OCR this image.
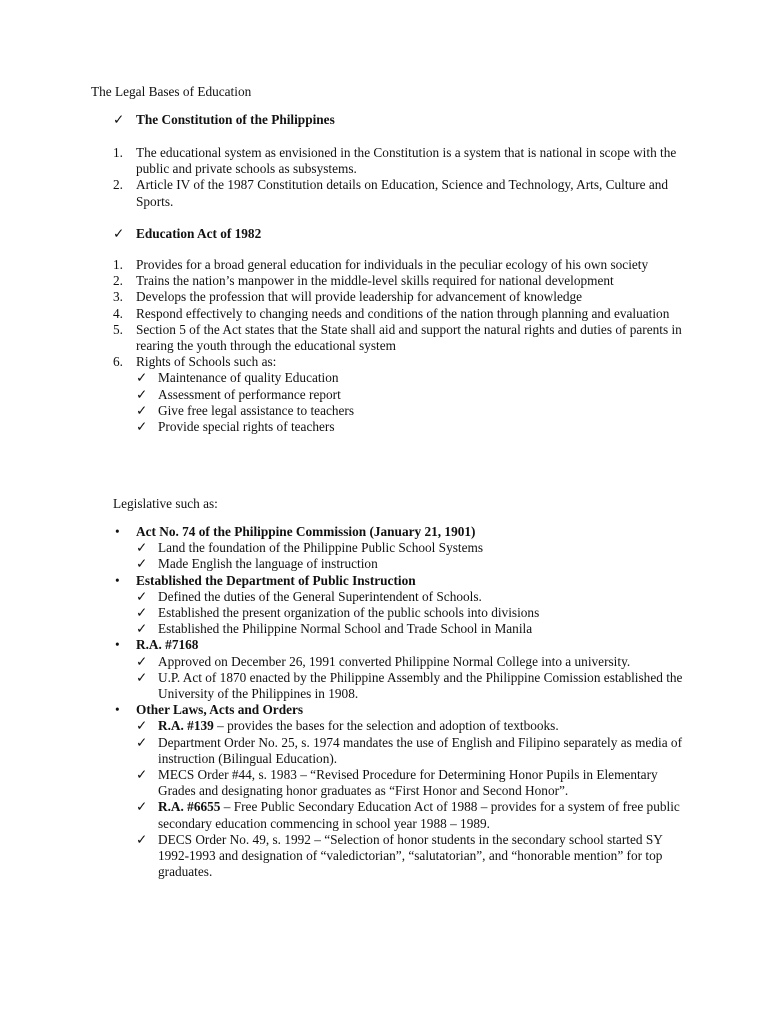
The Legal Bases of Education
✓ The Constitution of the Philippines
1. The educational system as envisioned in the Constitution is a system that is national in scope with the public and private schools as subsystems.
2. Article IV of the 1987 Constitution details on Education, Science and Technology, Arts, Culture and Sports.
✓ Education Act of 1982
1. Provides for a broad general education for individuals in the peculiar ecology of his own society
2. Trains the nation’s manpower in the middle-level skills required for national development
3. Develops the profession that will provide leadership for advancement of knowledge
4. Respond effectively to changing needs and conditions of the nation through planning and evaluation
5. Section 5 of the Act states that the State shall aid and support the natural rights and duties of parents in rearing the youth through the educational system
6. Rights of Schools such as:
✓ Maintenance of quality Education
✓ Assessment of performance report
✓ Give free legal assistance to teachers
✓ Provide special rights of teachers
Legislative such as:
• Act No. 74 of the Philippine Commission (January 21, 1901)
✓ Land the foundation of the Philippine Public School Systems
✓ Made English the language of instruction
• Established the Department of Public Instruction
✓ Defined the duties of the General Superintendent of Schools.
✓ Established the present organization of the public schools into divisions
✓ Established the Philippine Normal School and Trade School in Manila
• R.A. #7168
✓ Approved on December 26, 1991 converted Philippine Normal College into a university.
✓ U.P. Act of 1870 enacted by the Philippine Assembly and the Philippine Comission established the University of the Philippines in 1908.
• Other Laws, Acts and Orders
✓ R.A. #139 – provides the bases for the selection and adoption of textbooks.
✓ Department Order No. 25, s. 1974 mandates the use of English and Filipino separately as media of instruction (Bilingual Education).
✓ MECS Order #44, s. 1983 – “Revised Procedure for Determining Honor Pupils in Elementary Grades and designating honor graduates as “First Honor and Second Honor”.
✓ R.A. #6655 – Free Public Secondary Education Act of 1988 – provides for a system of free public secondary education commencing in school year 1988 – 1989.
✓ DECS Order No. 49, s. 1992 – “Selection of honor students in the secondary school started SY 1992-1993 and designation of “valedictorian”, “salutatorian”, and “honorable mention” for top graduates.
